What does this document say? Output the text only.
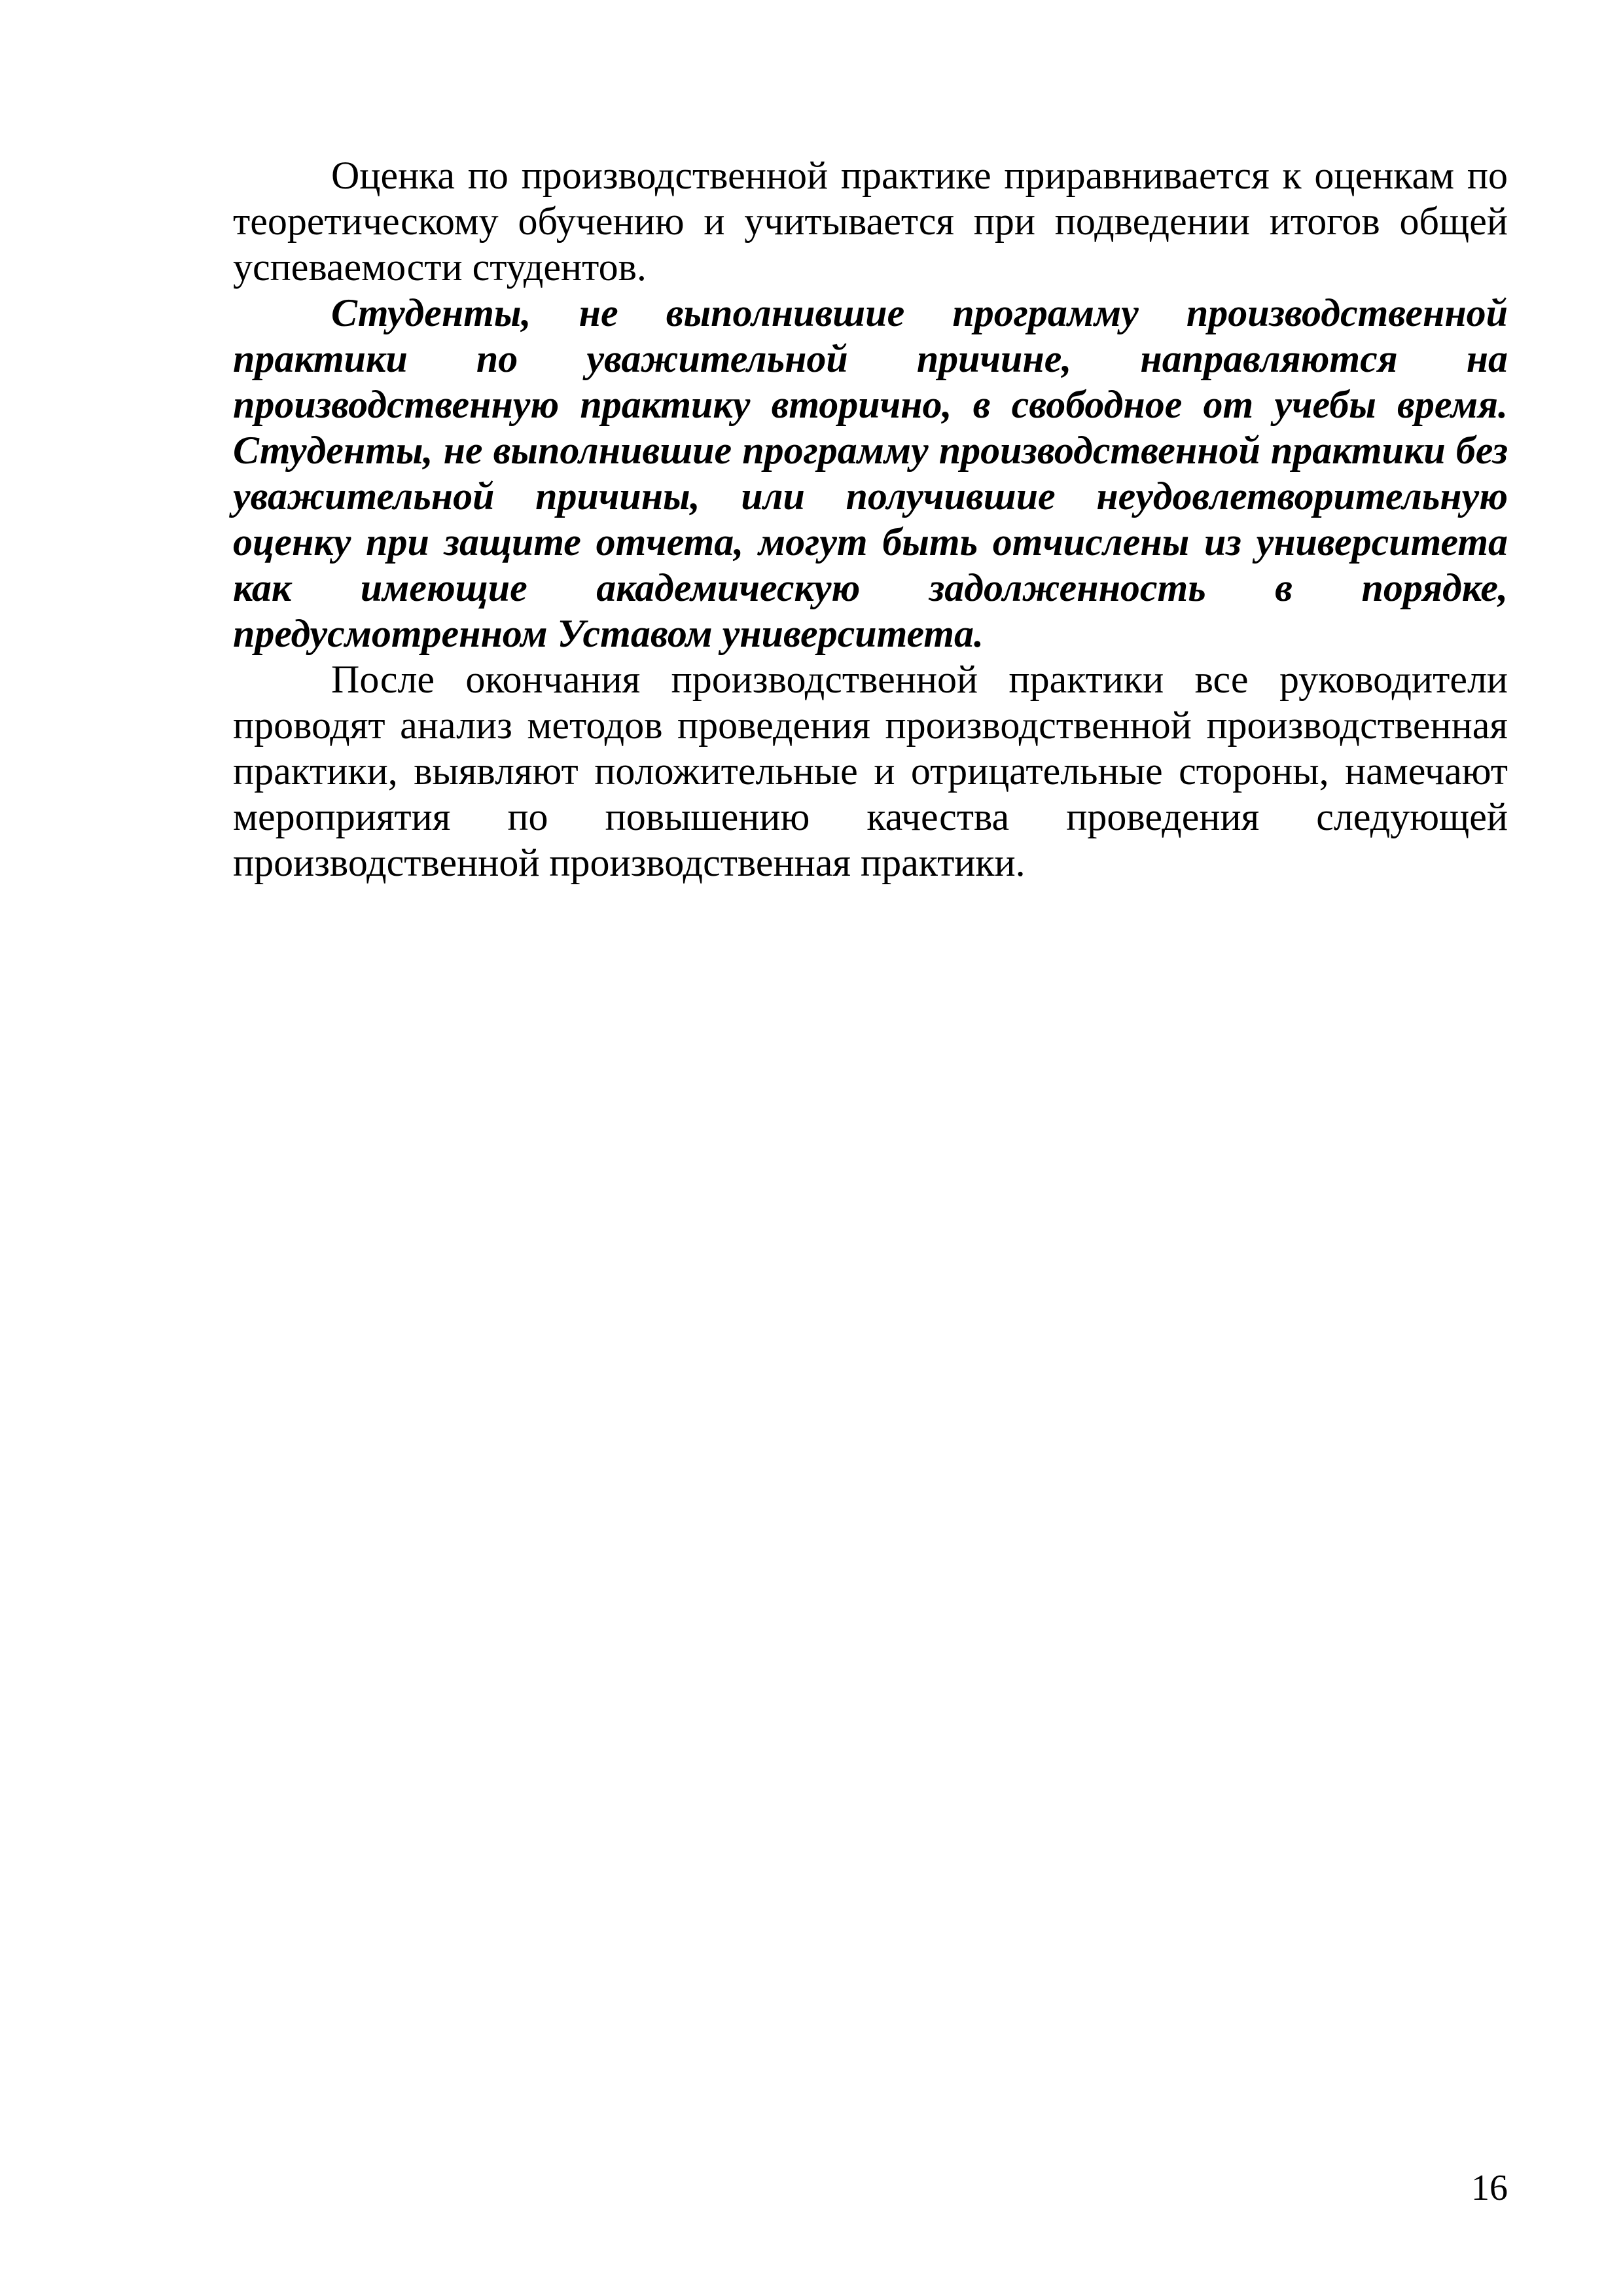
Оценка по производственной практике приравнивается к оценкам по теоретическому обучению и учитывается при подведении итогов общей успеваемости студентов.

Студенты, не выполнившие программу производственной практики по уважительной причине, направляются на производственную практику вторично, в свободное от учебы время. Студенты, не выполнившие программу производственной практики без уважительной причины, или получившие неудовлетворительную оценку при защите отчета, могут быть отчислены из университета как имеющие академическую задолженность в порядке, предусмотренном Уставом университета.

После окончания производственной практики все руководители проводят анализ методов проведения производственной производственная практики, выявляют положительные и отрицательные стороны, намечают мероприятия по повышению качества проведения следующей производственной производственная практики.

16
